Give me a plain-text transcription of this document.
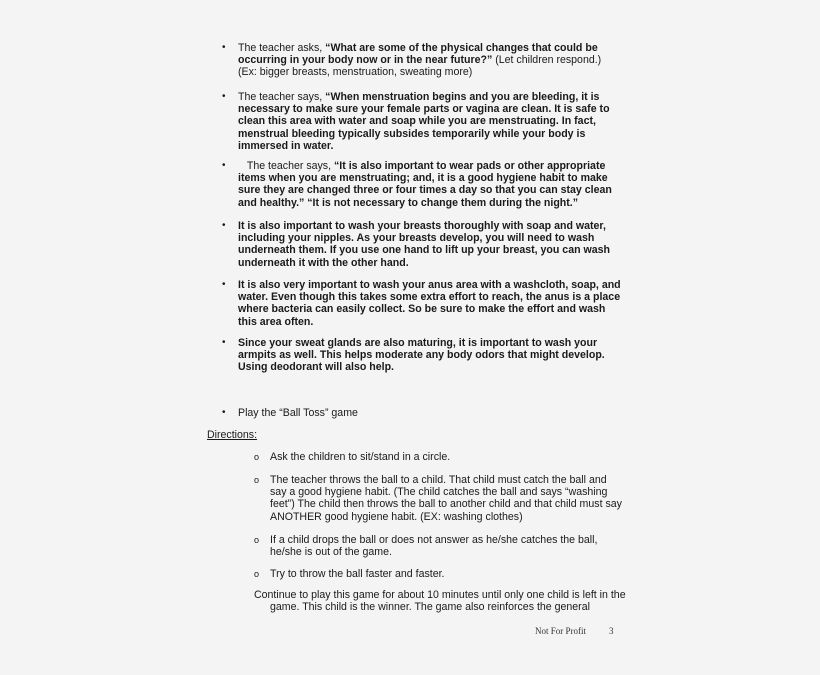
•	The teacher asks, “What are some of the physical changes that could be occurring in your body now or in the near future?” (Let children respond.) (Ex: bigger breasts, menstruation, sweating more)
•	The teacher says, “When menstruation begins and you are bleeding, it is necessary to make sure your female parts or vagina are clean. It is safe to clean this area with water and soap while you are menstruating. In fact, menstrual bleeding typically subsides temporarily while your body is immersed in water.
•	The teacher says, “It is also important to wear pads or other appropriate items when you are menstruating; and, it is a good hygiene habit to make sure they are changed three or four times a day so that you can stay clean and healthy.” “It is not necessary to change them during the night.”
•	It is also important to wash your breasts thoroughly with soap and water, including your nipples. As your breasts develop, you will need to wash underneath them. If you use one hand to lift up your breast, you can wash underneath it with the other hand.
•	It is also very important to wash your anus area with a washcloth, soap, and water. Even though this takes some extra effort to reach, the anus is a place where bacteria can easily collect. So be sure to make the effort and wash this area often.
•	Since your sweat glands are also maturing, it is important to wash your armpits as well. This helps moderate any body odors that might develop. Using deodorant will also help.
•	Play the “Ball Toss” game
Directions:
o Ask the children to sit/stand in a circle.
o The teacher throws the ball to a child. That child must catch the ball and say a good hygiene habit. (The child catches the ball and says “washing feet”) The child then throws the ball to another child and that child must say ANOTHER good hygiene habit. (EX: washing clothes)
o If a child drops the ball or does not answer as he/she catches the ball, he/she is out of the game.
o Try to throw the ball faster and faster.
Continue to play this game for about 10 minutes until only one child is left in the game. This child is the winner. The game also reinforces the general
Not For Profit	3
